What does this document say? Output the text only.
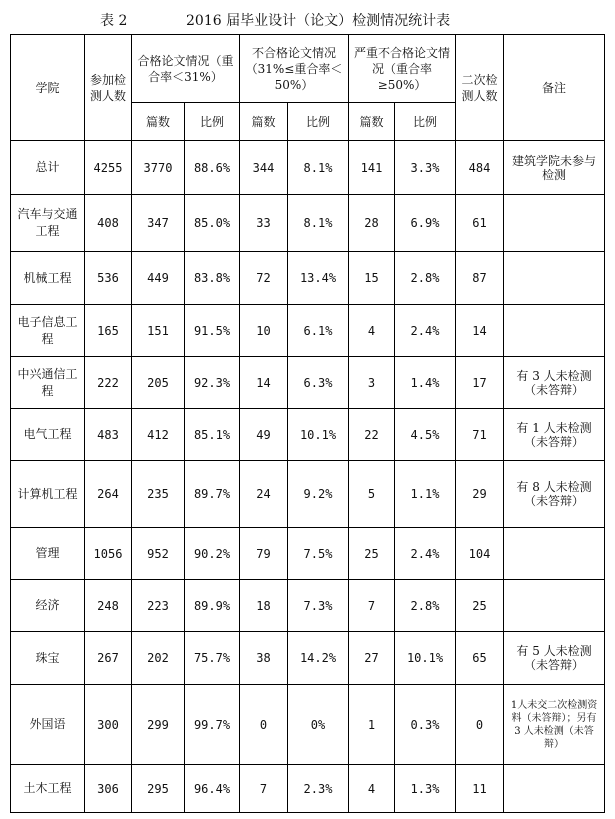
表 2	2016 届毕业设计（论文）检测情况统计表
学院	参加检测人数	合格论文情况（重合率＜31%）		不合格论文情况（31%≤重合率＜50%）		严重不合格论文情况（重合率 ≥50%）		二次检测人数	备注
		篇数	比例	篇数	比例	篇数	比例		
总计	4255	3770	88.6%	344	8.1%	141	3.3%	484	建筑学院未参与检测
汽车与交通工程	408	347	85.0%	33	8.1%	28	6.9%	61	
机械工程	536	449	83.8%	72	13.4%	15	2.8%	87	
电子信息工程	165	151	91.5%	10	6.1%	4	2.4%	14	
中兴通信工程	222	205	92.3%	14	6.3%	3	1.4%	17	有 3 人未检测（未答辩）
电气工程	483	412	85.1%	49	10.1%	22	4.5%	71	有 1 人未检测（未答辩）
计算机工程	264	235	89.7%	24	9.2%	5	1.1%	29	有 8 人未检测（未答辩）
管理	1056	952	90.2%	79	7.5%	25	2.4%	104	
经济	248	223	89.9%	18	7.3%	7	2.8%	25	
珠宝	267	202	75.7%	38	14.2%	27	10.1%	65	有 5 人未检测（未答辩）
外国语	300	299	99.7%	0	0%	1	0.3%	0	1人未交二次检测资料（未答辩）；另有 3 人未检测（未答辩）
土木工程	306	295	96.4%	7	2.3%	4	1.3%	11	
